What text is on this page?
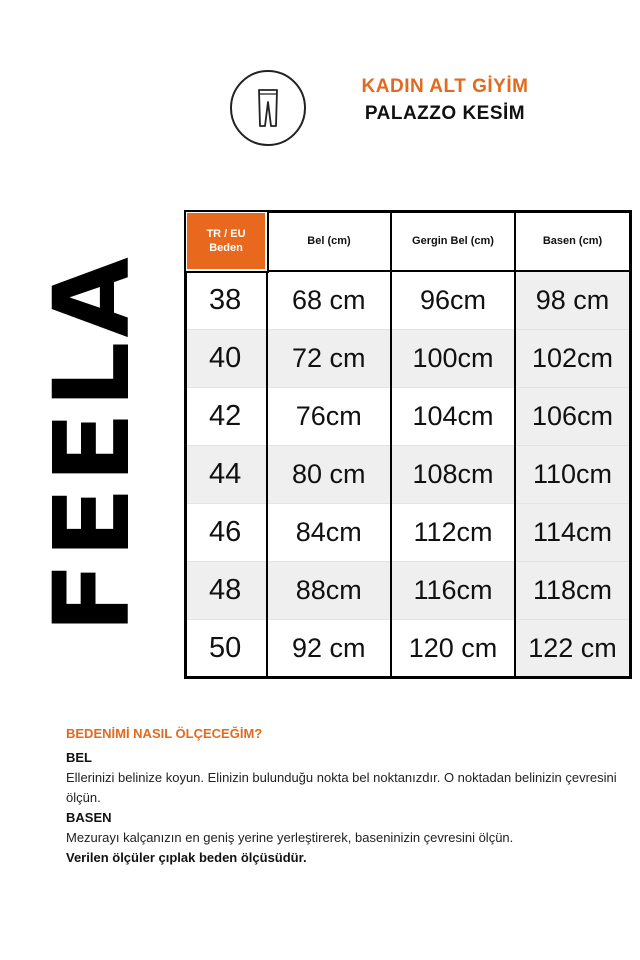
KADIN ALT GİYİM
PALAZZO KESİM
FEELA
TR / EU
Beden	Bel (cm)	Gergin Bel (cm)	Basen (cm)
38	68 cm	96cm	98 cm
40	72 cm	100cm	102cm
42	76cm	104cm	106cm
44	80 cm	108cm	110cm
46	84cm	112cm	114cm
48	88cm	116cm	118cm
50	92 cm	120 cm	122 cm
BEDENİMİ NASIL ÖLÇECEĞİM?
BEL
Ellerinizi belinize koyun. Elinizin bulunduğu nokta bel noktanızdır. O noktadan belinizin çevresini ölçün.
BASEN
Mezurayı kalçanızın en geniş yerine yerleştirerek, baseninizin çevresini ölçün.
Verilen ölçüler çıplak beden ölçüsüdür.
